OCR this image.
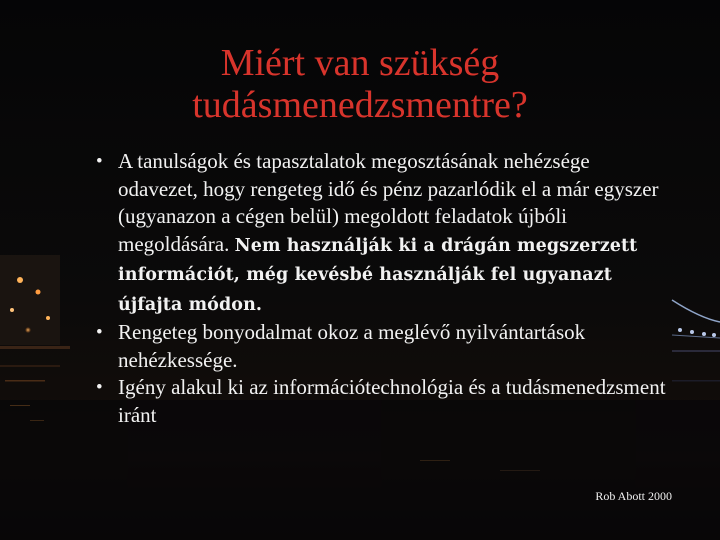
Miért van szükség
tudásmenedzsmentre?

• A tanulságok és tapasztalatok megosztásának nehézsége odavezet, hogy rengeteg idő és pénz pazarlódik el a már egyszer (ugyanazon a cégen belül) megoldott feladatok újbóli megoldására. Nem használják ki a drágán megszerzett információt, még kevésbé használják fel ugyanazt újfajta módon.

• Rengeteg bonyodalmat okoz a meglévő nyilvántartások nehézkessége.

• Igény alakul ki az információtechnológia és a tudásmenedzsment iránt

Rob Abott 2000
